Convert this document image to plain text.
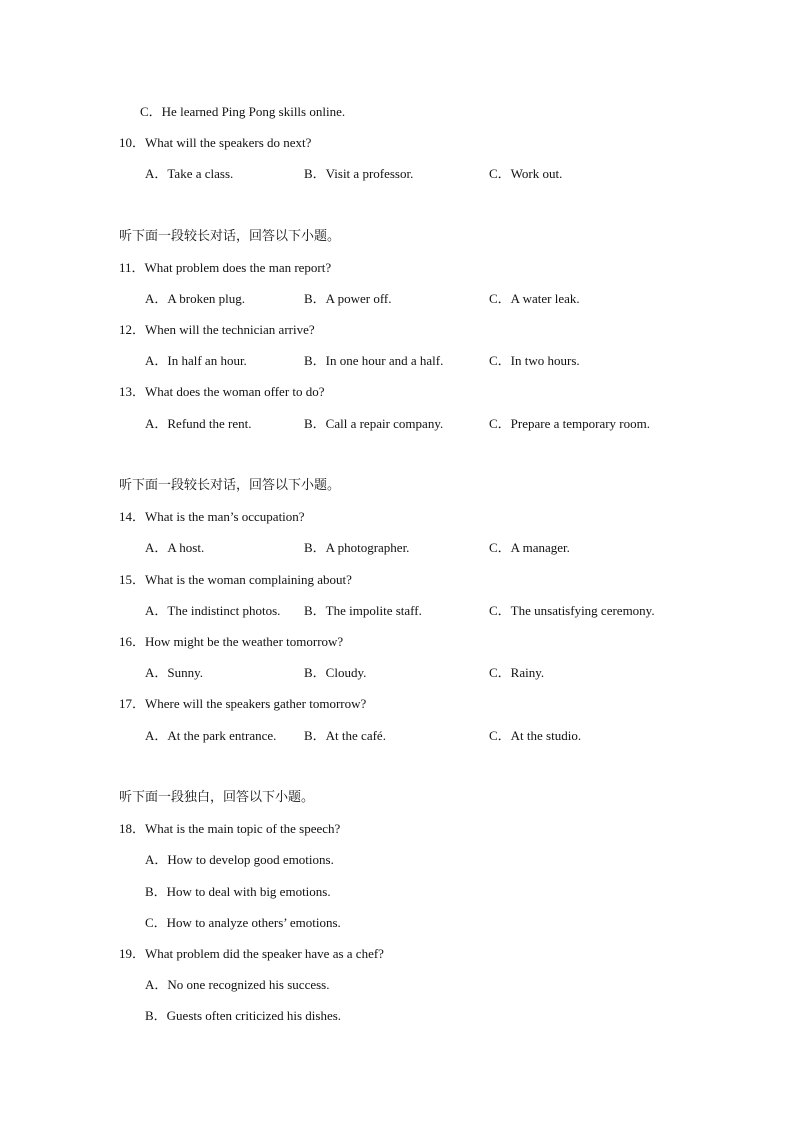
C．He learned Ping Pong skills online.
10．What will the speakers do next?
A．Take a class.	B．Visit a professor.	C．Work out.
听下面一段较长对话，回答以下小题。
11．What problem does the man report?
A．A broken plug.	B．A power off.	C．A water leak.
12．When will the technician arrive?
A．In half an hour.	B．In one hour and a half.	C．In two hours.
13．What does the woman offer to do?
A．Refund the rent.	B．Call a repair company.	C．Prepare a temporary room.
听下面一段较长对话，回答以下小题。
14．What is the man’s occupation?
A．A host.	B．A photographer.	C．A manager.
15．What is the woman complaining about?
A．The indistinct photos. B．The impolite staff.	C．The unsatisfying ceremony.
16．How might be the weather tomorrow?
A．Sunny.	B．Cloudy.	C．Rainy.
17．Where will the speakers gather tomorrow?
A．At the park entrance. B．At the café.	C．At the studio.
听下面一段独白，回答以下小题。
18．What is the main topic of the speech?
A．How to develop good emotions.
B．How to deal with big emotions.
C．How to analyze others’ emotions.
19．What problem did the speaker have as a chef?
A．No one recognized his success.
B．Guests often criticized his dishes.
